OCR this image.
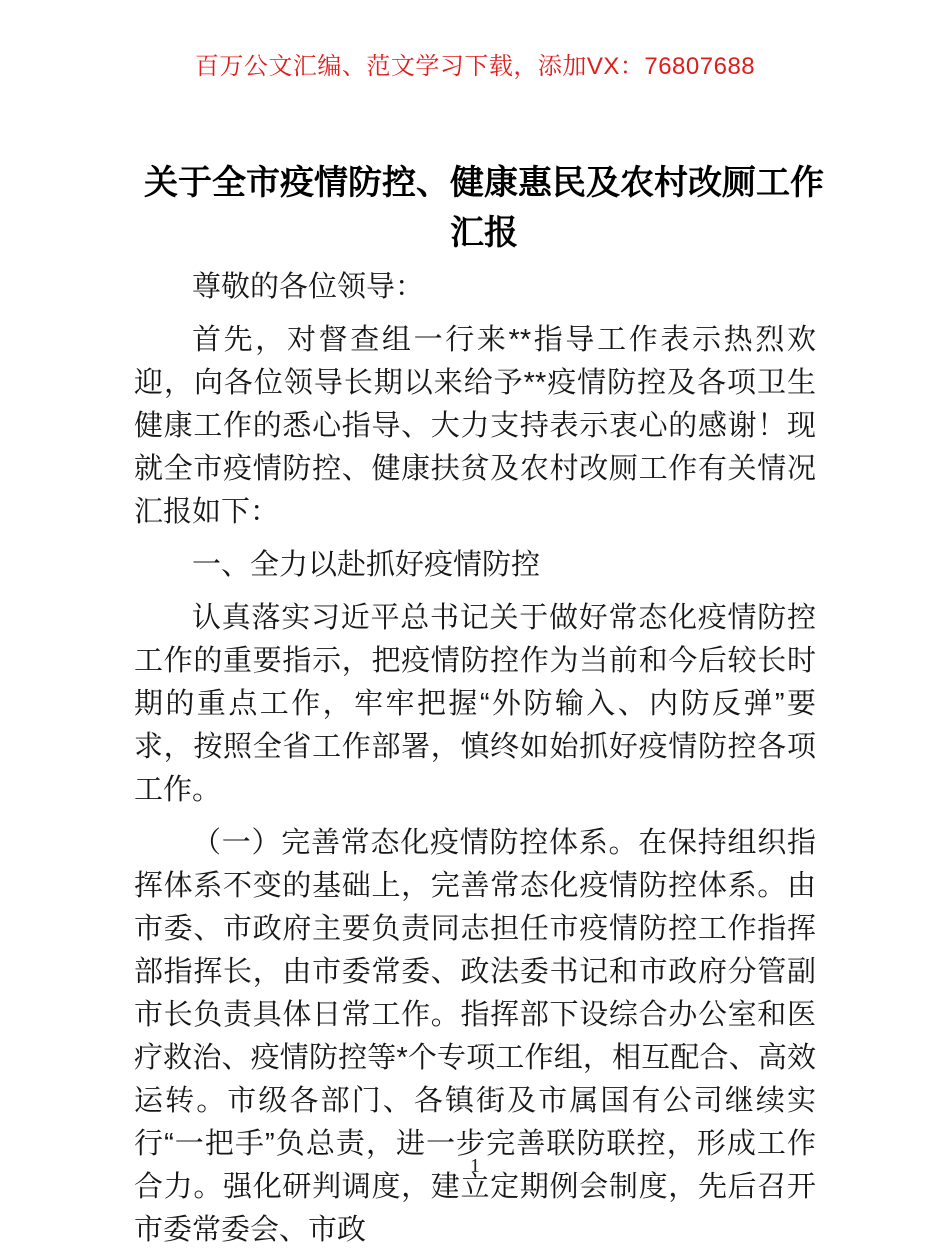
百万公文汇编、范文学习下载，添加VX：76807688
关于全市疫情防控、健康惠民及农村改厕工作汇报

尊敬的各位领导：

首先，对督查组一行来**指导工作表示热烈欢迎，向各位领导长期以来给予**疫情防控及各项卫生健康工作的悉心指导、大力支持表示衷心的感谢！现就全市疫情防控、健康扶贫及农村改厕工作有关情况汇报如下：

一、全力以赴抓好疫情防控

认真落实习近平总书记关于做好常态化疫情防控工作的重要指示，把疫情防控作为当前和今后较长时期的重点工作，牢牢把握“外防输入、内防反弹”要求，按照全省工作部署，慎终如始抓好疫情防控各项工作。

（一）完善常态化疫情防控体系。在保持组织指挥体系不变的基础上，完善常态化疫情防控体系。由市委、市政府主要负责同志担任市疫情防控工作指挥部指挥长，由市委常委、政法委书记和市政府分管副市长负责具体日常工作。指挥部下设综合办公室和医疗救治、疫情防控等*个专项工作组，相互配合、高效运转。市级各部门、各镇街及市属国有公司继续实行“一把手”负总责，进一步完善联防联控，形成工作合力。强化研判调度，建立定期例会制度，先后召开市委常委会、市政

1
